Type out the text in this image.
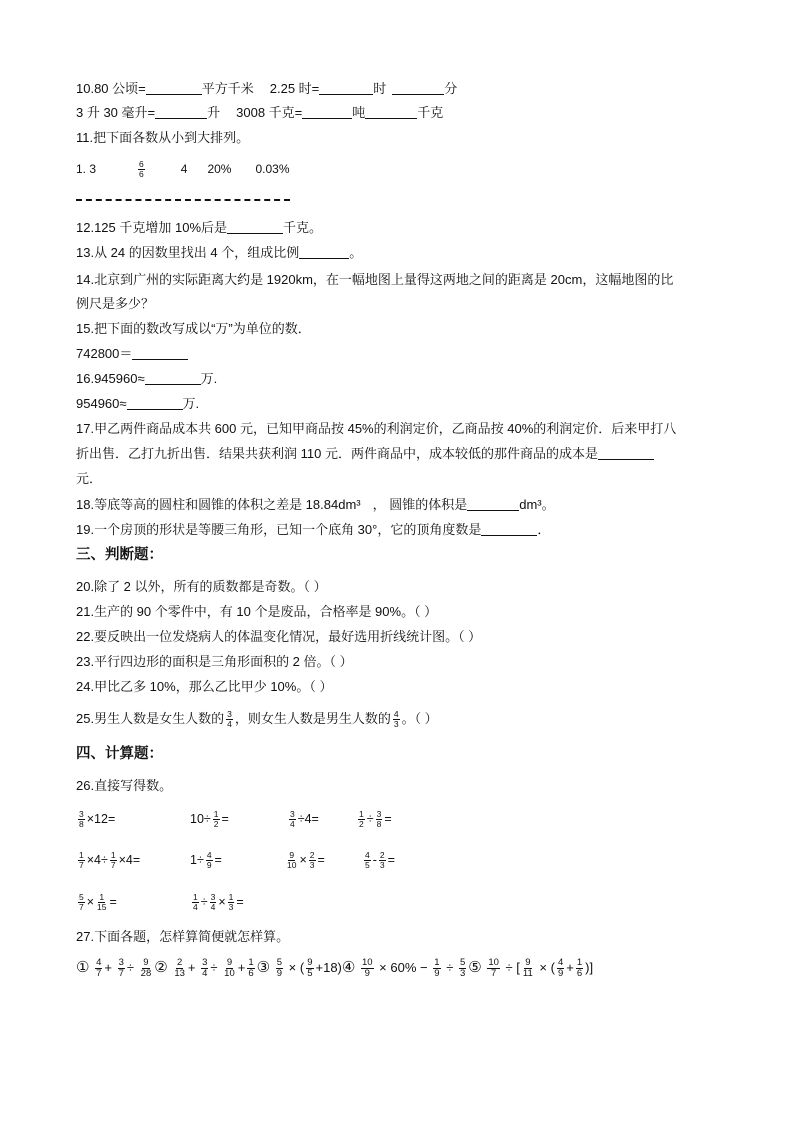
10.80 公顷=	平方千米 2.25 时=	时	分
3 升 30 毫升=	升 3008 千克=	吨	千克
11.把下面各数从小到大排列。
1. 3	$\frac{6}{6}$	4 20% 0.03%
12.125 千克增加 10%后是	千克。
13.从 24 的因数里找出 4 个，组成比例	。
14.北京到广州的实际距离大约是 1920km，在一幅地图上量得这两地之间的距离是 20cm，这幅地图的比
例尺是多少？
15.把下面的数改写成以“万”为单位的数．
742800＝
16.945960≈	万.
954960≈	万.
17.甲乙两件商品成本共 600 元，已知甲商品按 45%的利润定价，乙商品按 40%的利润定价．后来甲打八
折出售．乙打九折出售．结果共获利润 110 元．两件商品中，成本较低的那件商品的成本是
元．
18.等底等高的圆柱和圆锥的体积之差是 18.84dm³ ， 圆锥的体积是	dm³。
19.一个房顶的形状是等腰三角形，已知一个底角 30°，它的顶角度数是	．
三、判断题：
20.除了 2 以外，所有的质数都是奇数。（ ）
21.生产的 90 个零件中，有 10 个是废品，合格率是 90%。（ ）
22.要反映出一位发烧病人的体温变化情况，最好选用折线统计图。（ ）
23.平行四边形的面积是三角形面积的 2 倍。（ ）
24.甲比乙多 10%，那么乙比甲少 10%。（ ）
25.男生人数是女生人数的 $\frac{3}{4}$ ，则女生人数是男生人数的 $\frac{4}{3}$ 。（ ）
四、计算题：
26.直接写得数。
$\frac{3}{8} \times 12=$	$10\div \frac{1}{2}$ =	$\frac{3}{4} \div 4=$	$\frac{1}{2} \div \frac{3}{8}$ =
$\frac{1}{7} \times 4\div \frac{1}{7} \times 4=$	$1\div \frac{4}{9}$ =	$\frac{9}{10} \times \frac{2}{3}$ =	$\frac{4}{5} - \frac{2}{3}$ =
$\frac{5}{7} \times \frac{1}{15}$ =	$\frac{1}{4} \div \frac{3}{4} \times \frac{1}{3}$ =
27.下面各题，怎样算简便就怎样算。
① $\frac{4}{7} + \frac{3}{7} \div \frac{9}{28}$ ② $\frac{2}{13} + \frac{3}{4} \div \frac{9}{10} + \frac{1}{6}$ ③ $\frac{5}{9}$ × ( $\frac{9}{5}$ +18)④ $\frac{10}{9} \times 60\% - \frac{1}{9} \div \frac{5}{3}$ ⑤ $\frac{10}{7}$ ÷ [ $\frac{9}{11}$ × ( $\frac{4}{9} + \frac{1}{6}$ )]
